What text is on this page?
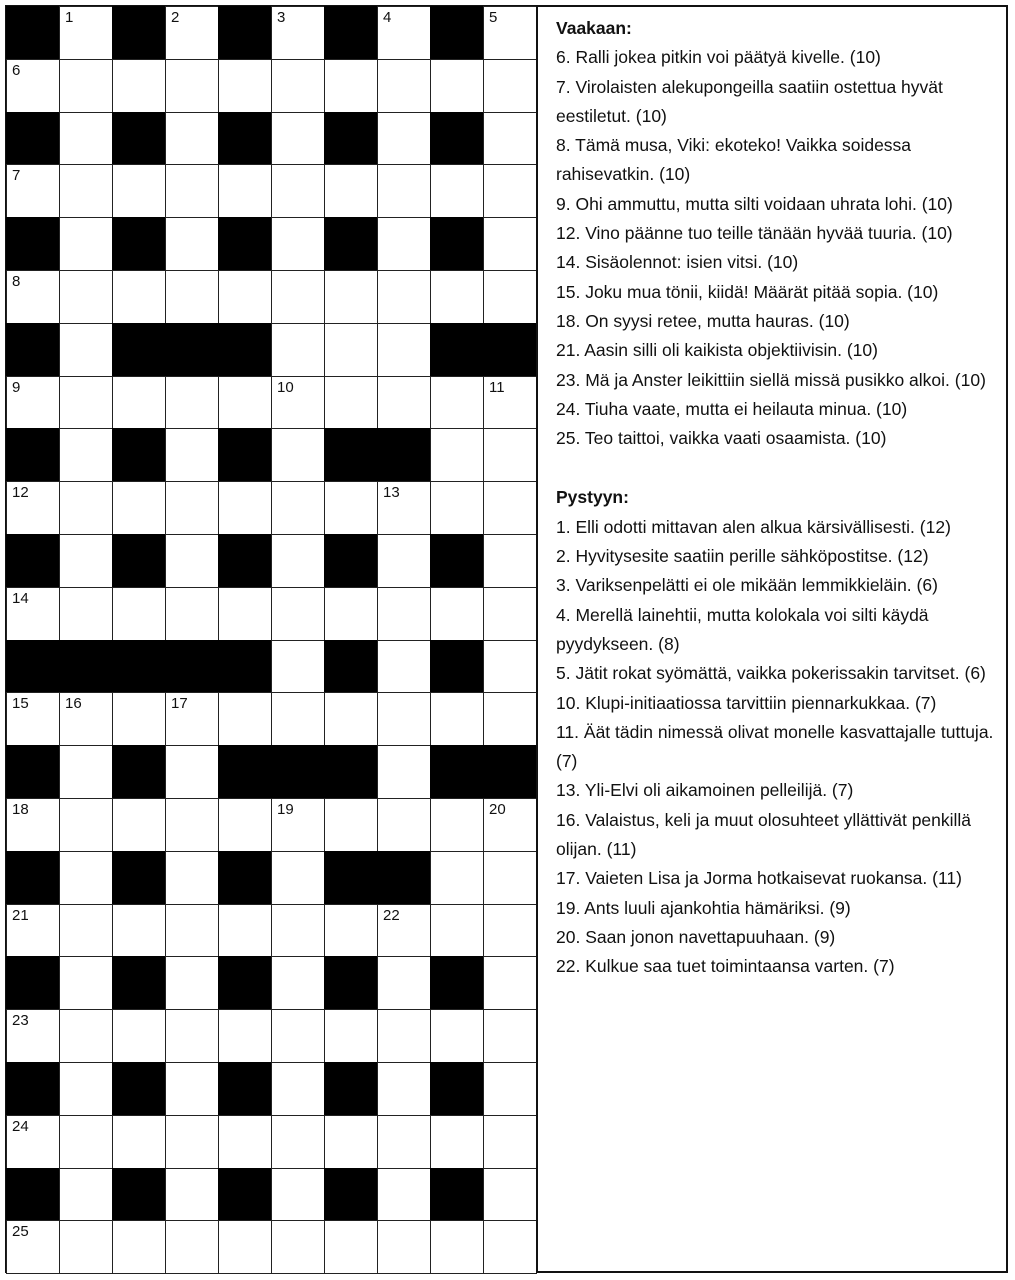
1	2	3	4	5
6
7
8
9	10	11
12	13
14
15 16	17
18	19	20
21	22
23
24
25

Vaakaan:

6. Ralli jokea pitkin voi päätyä kivelle. (10)

7. Virolaisten alekupongeilla saatiin ostettua hyvät eestiletut. (10)

8. Tämä musa, Viki: ekoteko! Vaikka soidessa rahisevatkin. (10)

9. Ohi ammuttu, mutta silti voidaan uhrata lohi. (10)

12. Vino päänne tuo teille tänään hyvää tuuria. (10)

14. Sisäolennot: isien vitsi. (10)

15. Joku mua tönii, kiidä! Määrät pitää sopia. (10)

18. On syysi retee, mutta hauras. (10)

21. Aasin silli oli kaikista objektiivisin. (10)

23. Mä ja Anster leikittiin siellä missä pusikko alkoi. (10)

24. Tiuha vaate, mutta ei heilauta minua. (10)

25. Teo taittoi, vaikka vaati osaamista. (10)

Pystyyn:

1. Elli odotti mittavan alen alkua kärsivällisesti. (12)

2. Hyvitysesite saatiin perille sähköpostitse. (12)

3. Variksenpelätti ei ole mikään lemmikkieläin. (6)

4. Merellä lainehtii, mutta kolokala voi silti käydä pyydykseen. (8)

5. Jätit rokat syömättä, vaikka pokerissakin tarvitset. (6)

10. Klupi-initiaatiossa tarvittiin piennarkukkaa. (7)

11. Äät tädin nimessä olivat monelle kasvattajalle tuttuja. (7)

13. Yli-Elvi oli aikamoinen pelleilijä. (7)

16. Valaistus, keli ja muut olosuhteet yllättivät penkillä olijan. (11)

17. Vaieten Lisa ja Jorma hotkaisevat ruokansa. (11)

19. Ants luuli ajankohtia hämäriksi. (9)

20. Saan jonon navettapuuhaan. (9)

22. Kulkue saa tuet toimintaansa varten. (7)
